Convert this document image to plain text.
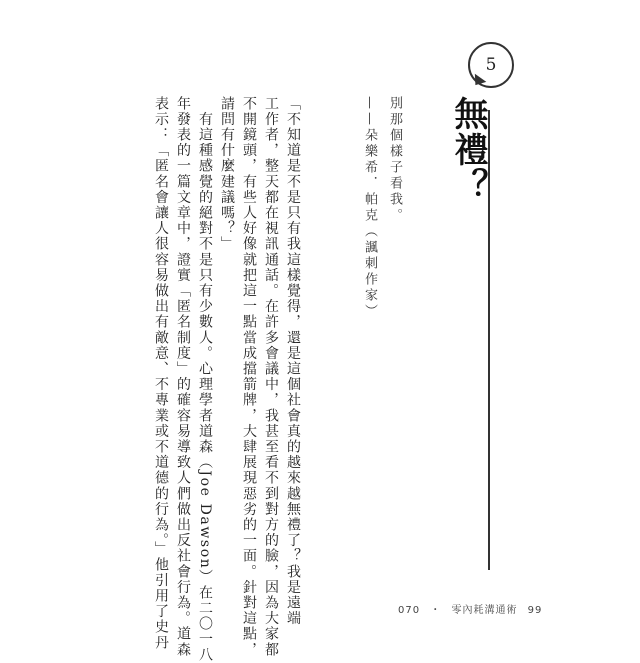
5
無禮？
別那個樣子看我。
——朵樂希．帕克（諷刺作家）
「不知道是不是只有我這樣覺得，還是這個社會真的越來越無禮了？我是遠端
工作者，整天都在視訊通話。在許多會議中，我甚至看不到對方的臉，因為大家都
不開鏡頭，有些人好像就把這一點當成擋箭牌，大肆展現惡劣的一面。針對這點，
請問有什麼建議嗎？」
　有這種感覺的絕對不是只有少數人。心理學者道森（Joe Dawson）在二〇一八
年發表的一篇文章中，證實「匿名制度」的確容易導致人們做出反社會行為。道森
表示：「匿名會讓人很容易做出有敵意、不專業或不道德的行為。」他引用了史丹	070 ・ 零內耗溝通術 99
